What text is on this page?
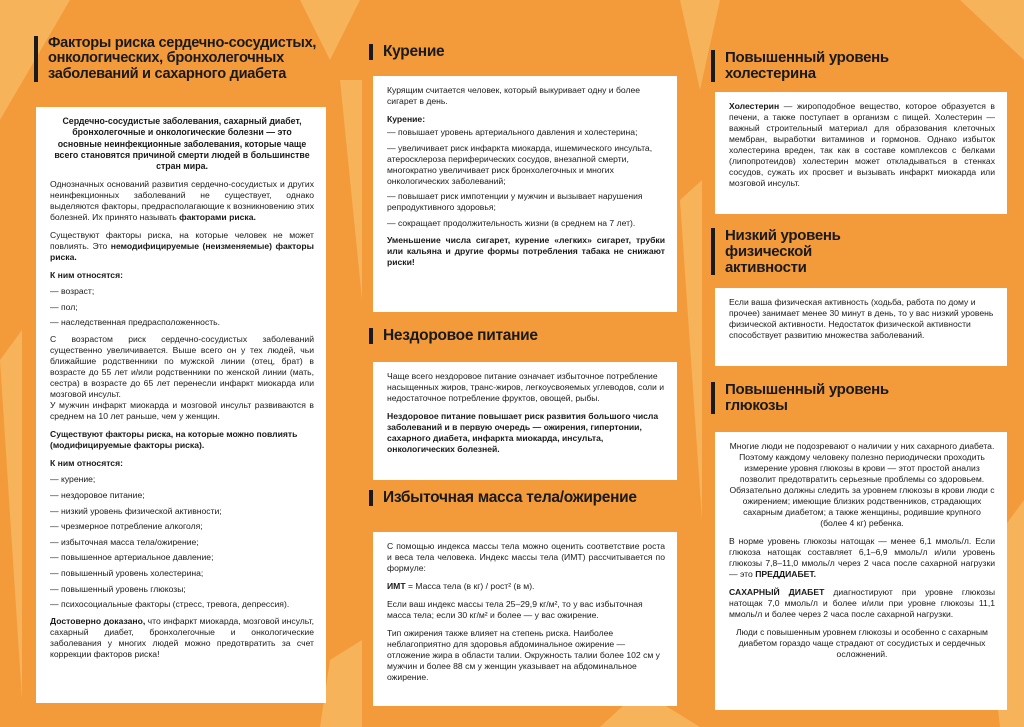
Факторы риска сердечно-сосудистых, онкологических, бронхолегочных заболеваний и сахарного диабета

Сердечно-сосудистые заболевания, сахарный диабет, бронхолегочные и онкологические болезни — это основные неинфекционные заболевания, которые чаще всего становятся причиной смерти людей в большинстве стран мира.

Однозначных оснований развития сердечно-сосудистых и других неинфекционных заболеваний не существует, однако выделяются факторы, предрасполагающие к возникновению этих болезней. Их принято называть факторами риска.

Существуют факторы риска, на которые человек не может повлиять. Это немодифицируемые (неизменяемые) факторы риска.

К ним относятся:

— возраст;
— пол;
— наследственная предрасположенность.

С возрастом риск сердечно-сосудистых заболеваний существенно увеличивается. Выше всего он у тех людей, чьи ближайшие родственники по мужской линии (отец, брат) в возрасте до 55 лет и/или родственники по женской линии (мать, сестра) в возрасте до 65 лет перенесли инфаркт миокарда или мозговой инсульт.

У мужчин инфаркт миокарда и мозговой инсульт развиваются в среднем на 10 лет раньше, чем у женщин.

Существуют факторы риска, на которые можно повлиять (модифицируемые факторы риска).

К ним относятся:

— курение;
— нездоровое питание;
— низкий уровень физической активности;
— чрезмерное потребление алкоголя;
— избыточная масса тела/ожирение;
— повышенное артериальное давление;
— повышенный уровень холестерина;
— повышенный уровень глюкозы;
— психосоциальные факторы (стресс, тревога, депрессия).

Достоверно доказано, что инфаркт миокарда, мозговой инсульт, сахарный диабет, бронхолегочные и онкологические заболевания у многих людей можно предотвратить за счет коррекции факторов риска!

Курение

Курящим считается человек, который выкуривает одну и более сигарет в день.

Курение:

— повышает уровень артериального давления и холестерина;
— увеличивает риск инфаркта миокарда, ишемического инсульта, атеросклероза периферических сосудов, внезапной смерти, многократно увеличивает риск бронхолегочных и многих онкологических заболеваний;
— повышает риск импотенции у мужчин и вызывает нарушения репродуктивного здоровья;
— сокращает продолжительность жизни (в среднем на 7 лет).

Уменьшение числа сигарет, курение «легких» сигарет, трубки или кальяна и другие формы потребления табака не снижают риски!

Нездоровое питание

Чаще всего нездоровое питание означает избыточное потребление насыщенных жиров, транс-жиров, легкоусвояемых углеводов, соли и недостаточное потребление фруктов, овощей, рыбы.

Нездоровое питание повышает риск развития большого числа заболеваний и в первую очередь — ожирения, гипертонии, сахарного диабета, инфаркта миокарда, инсульта, онкологических болезней.

Избыточная масса тела/ожирение

С помощью индекса массы тела можно оценить соответствие роста и веса тела человека. Индекс массы тела (ИМТ) рассчитывается по формуле:

ИМТ = Масса тела (в кг) / рост² (в м).

Если ваш индекс массы тела 25–29,9 кг/м², то у вас избыточная масса тела; если 30 кг/м² и более — у вас ожирение.

Тип ожирения также влияет на степень риска. Наиболее неблагоприятно для здоровья абдоминальное ожирение — отложение жира в области талии. Окружность талии более 102 см у мужчин и более 88 см у женщин указывает на абдоминальное ожирение.

Повышенный уровень холестерина

Холестерин — жироподобное вещество, которое образуется в печени, а также поступает в организм с пищей. Холестерин — важный строительный материал для образования клеточных мембран, выработки витаминов и гормонов. Однако избыток холестерина вреден, так как в составе комплексов с белками (липопротеидов) холестерин может откладываться в стенках сосудов, сужать их просвет и вызывать инфаркт миокарда или мозговой инсульт.

Низкий уровень физической активности

Если ваша физическая активность (ходьба, работа по дому и прочее) занимает менее 30 минут в день, то у вас низкий уровень физической активности. Недостаток физической активности способствует развитию множества заболеваний.

Повышенный уровень глюкозы

Многие люди не подозревают о наличии у них сахарного диабета. Поэтому каждому человеку полезно периодически проходить измерение уровня глюкозы в крови — этот простой анализ позволит предотвратить серьезные проблемы со здоровьем. Обязательно должны следить за уровнем глюкозы в крови люди с ожирением; имеющие близких родственников, страдающих сахарным диабетом; а также женщины, родившие крупного (более 4 кг) ребенка.

В норме уровень глюкозы натощак — менее 6,1 ммоль/л. Если глюкоза натощак составляет 6,1–6,9 ммоль/л и/или уровень глюкозы 7,8–11,0 ммоль/л через 2 часа после сахарной нагрузки — это ПРЕДДИАБЕТ.

САХАРНЫЙ ДИАБЕТ диагностируют при уровне глюкозы натощак 7,0 ммоль/л и более и/или при уровне глюкозы 11,1 ммоль/л и более через 2 часа после сахарной нагрузки.

Люди с повышенным уровнем глюкозы и особенно с сахарным диабетом гораздо чаще страдают от сосудистых и сердечных осложнений.
